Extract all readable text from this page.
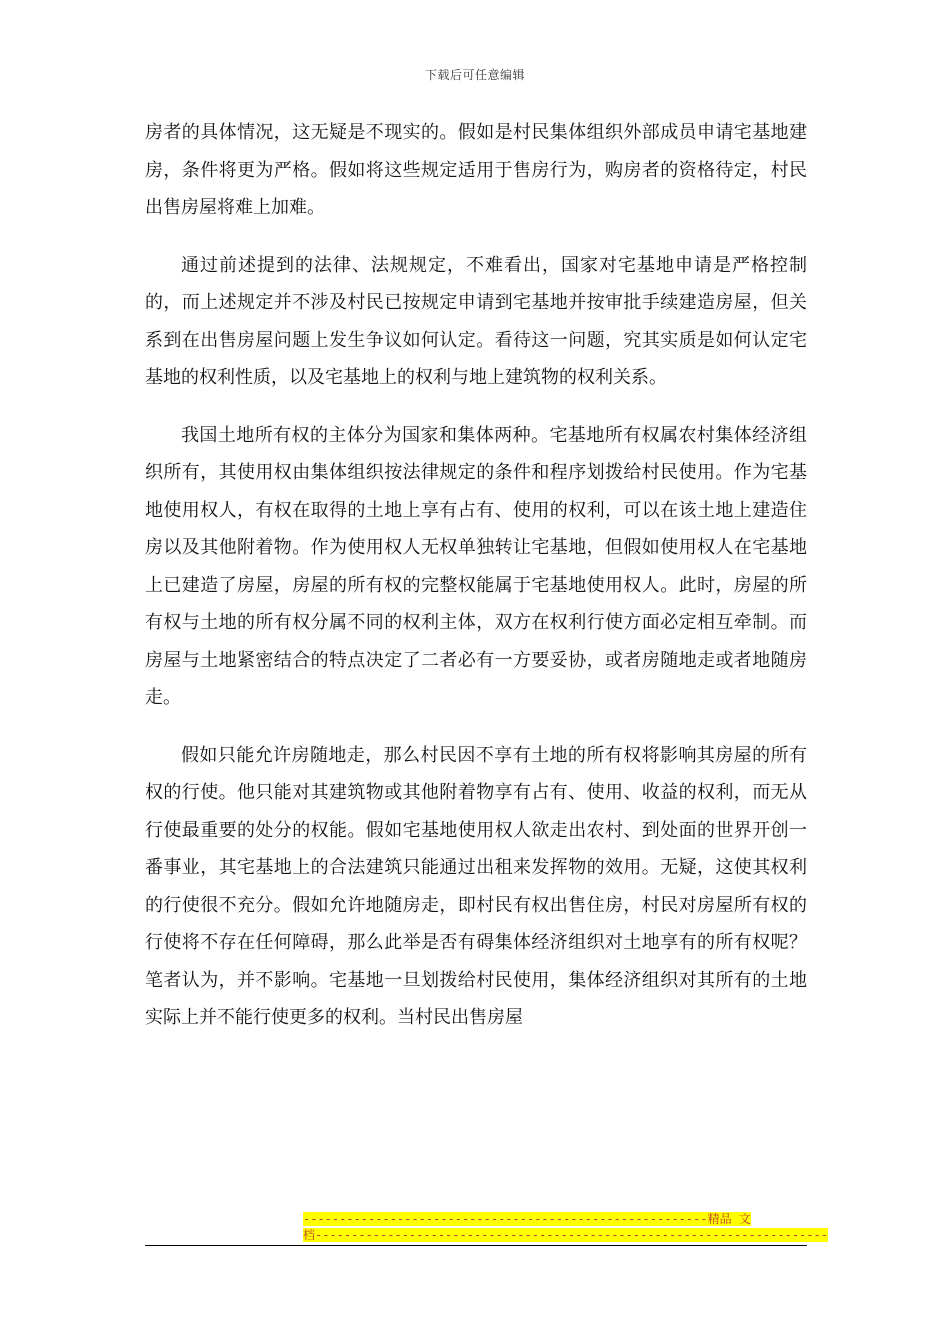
下载后可任意编辑

房者的具体情况，这无疑是不现实的。假如是村民集体组织外部成员申请宅基地建房，条件将更为严格。假如将这些规定适用于售房行为，购房者的资格待定，村民出售房屋将难上加难。

通过前述提到的法律、法规规定，不难看出，国家对宅基地申请是严格控制的，而上述规定并不涉及村民已按规定申请到宅基地并按审批手续建造房屋，但关系到在出售房屋问题上发生争议如何认定。看待这一问题，究其实质是如何认定宅基地的权利性质，以及宅基地上的权利与地上建筑物的权利关系。

我国土地所有权的主体分为国家和集体两种。宅基地所有权属农村集体经济组织所有，其使用权由集体组织按法律规定的条件和程序划拨给村民使用。作为宅基地使用权人，有权在取得的土地上享有占有、使用的权利，可以在该土地上建造住房以及其他附着物。作为使用权人无权单独转让宅基地，但假如使用权人在宅基地上已建造了房屋，房屋的所有权的完整权能属于宅基地使用权人。此时，房屋的所有权与土地的所有权分属不同的权利主体，双方在权利行使方面必定相互牵制。而房屋与土地紧密结合的特点决定了二者必有一方要妥协，或者房随地走或者地随房走。

假如只能允许房随地走，那么村民因不享有土地的所有权将影响其房屋的所有权的行使。他只能对其建筑物或其他附着物享有占有、使用、收益的权利，而无从行使最重要的处分的权能。假如宅基地使用权人欲走出农村、到处面的世界开创一番事业，其宅基地上的合法建筑只能通过出租来发挥物的效用。无疑，这使其权利的行使很不充分。假如允许地随房走，即村民有权出售住房，村民对房屋所有权的行使将不存在任何障碍，那么此举是否有碍集体经济组织对土地享有的所有权呢？笔者认为，并不影响。宅基地一旦划拨给村民使用，集体经济组织对其所有的土地实际上并不能行使更多的权利。当村民出售房屋

--------------------------------------------------------精品 文
档-----------------------------------------------------------------------
